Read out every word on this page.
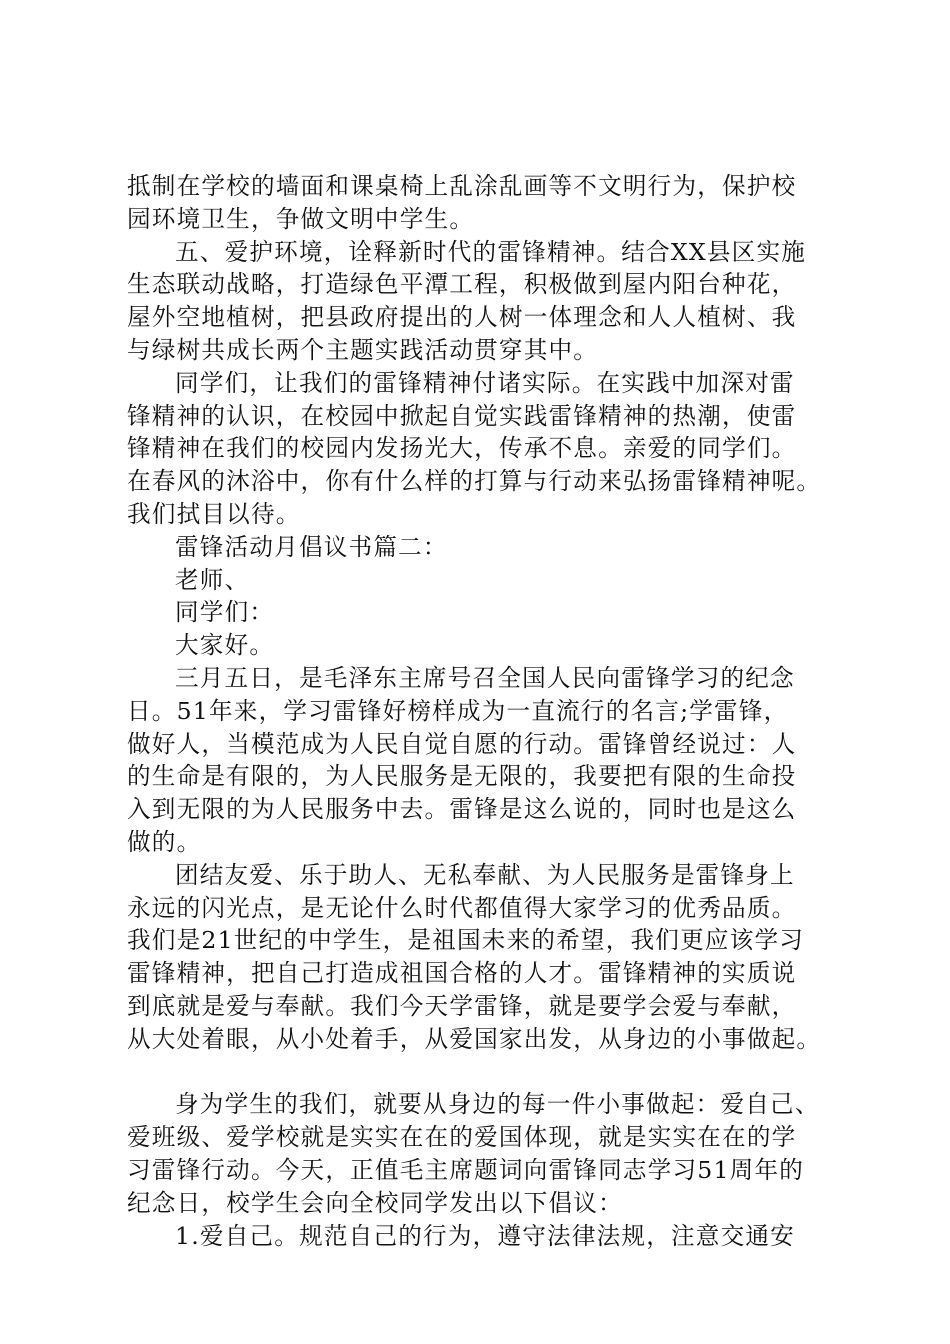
抵制在学校的墙面和课桌椅上乱涂乱画等不文明行为，保护校
园环境卫生，争做文明中学生。
五、爱护环境，诠释新时代的雷锋精神。结合XX县区实施
生态联动战略，打造绿色平潭工程，积极做到屋内阳台种花，
屋外空地植树，把县政府提出的人树一体理念和人人植树、我
与绿树共成长两个主题实践活动贯穿其中。
同学们，让我们的雷锋精神付诸实际。在实践中加深对雷
锋精神的认识，在校园中掀起自觉实践雷锋精神的热潮，使雷
锋精神在我们的校园内发扬光大，传承不息。亲爱的同学们。
在春风的沐浴中，你有什么样的打算与行动来弘扬雷锋精神呢。
我们拭目以待。
雷锋活动月倡议书篇二：
老师、
同学们：
大家好。
三月五日，是毛泽东主席号召全国人民向雷锋学习的纪念
日。51年来，学习雷锋好榜样成为一直流行的名言;学雷锋，
做好人，当模范成为人民自觉自愿的行动。雷锋曾经说过：人
的生命是有限的，为人民服务是无限的，我要把有限的生命投
入到无限的为人民服务中去。雷锋是这么说的，同时也是这么
做的。
团结友爱、乐于助人、无私奉献、为人民服务是雷锋身上
永远的闪光点，是无论什么时代都值得大家学习的优秀品质。
我们是21世纪的中学生，是祖国未来的希望，我们更应该学习
雷锋精神，把自己打造成祖国合格的人才。雷锋精神的实质说
到底就是爱与奉献。我们今天学雷锋，就是要学会爱与奉献，
从大处着眼，从小处着手，从爱国家出发，从身边的小事做起。
身为学生的我们，就要从身边的每一件小事做起：爱自己、
爱班级、爱学校就是实实在在的爱国体现，就是实实在在的学
习雷锋行动。今天，正值毛主席题词向雷锋同志学习51周年的
纪念日，校学生会向全校同学发出以下倡议：
1.爱自己。规范自己的行为，遵守法律法规，注意交通安
